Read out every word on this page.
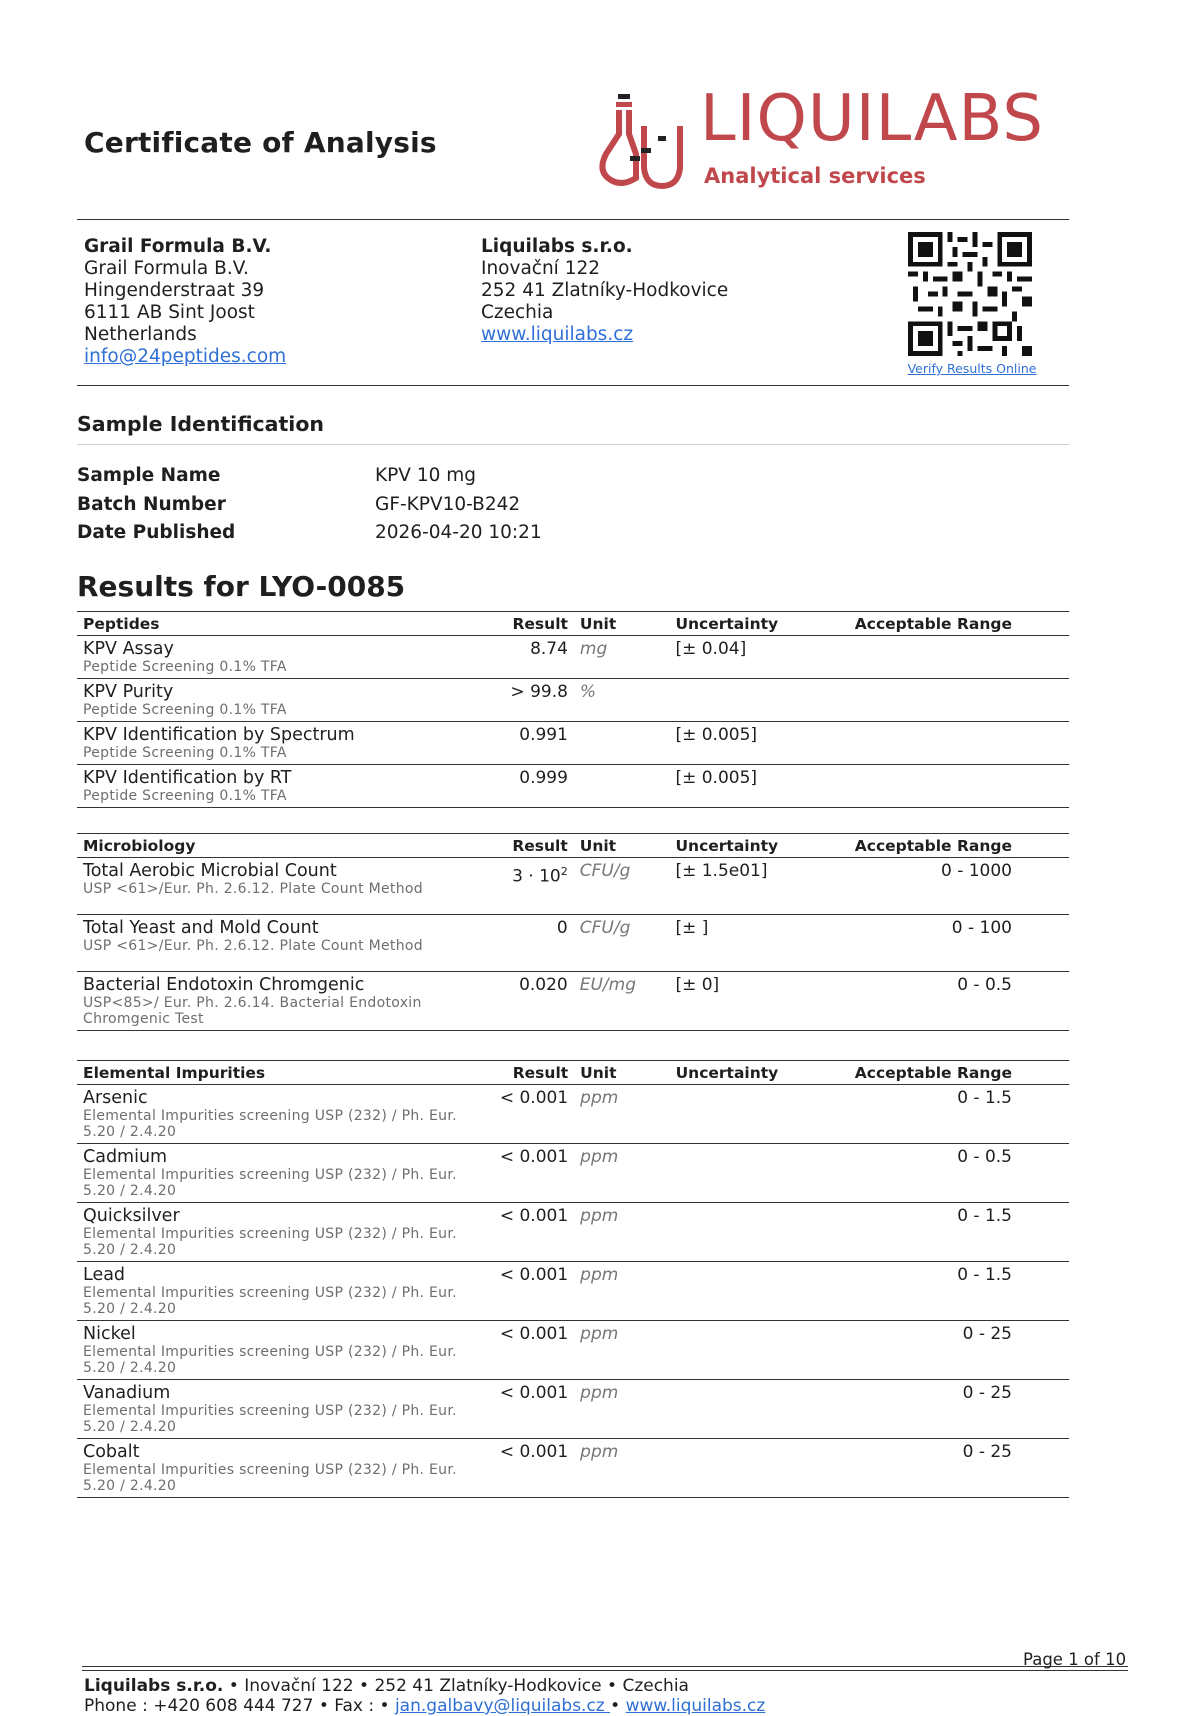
Certificate of Analysis	LIQUILABS
Analytical services
Grail Formula B.V.
Grail Formula B.V.
Hingenderstraat 39
6111 AB Sint Joost
Netherlands
info@24peptides.com
Liquilabs s.r.o.
Inovační 122
252 41 Zlatníky-Hodkovice
Czechia
www.liquilabs.cz
Verify Results Online
Sample Identification
Sample Name	KPV 10 mg
Batch Number	GF-KPV10-B242
Date Published	2026-04-20 10:21
Results for LYO-0085
Peptides	Result	Unit	Uncertainty	Acceptable Range

KPV Assay
Peptide Screening 0.1% TFA	8.74	mg	[± 0.04]	

KPV Purity
Peptide Screening 0.1% TFA	> 99.8	%		

KPV Identification by Spectrum
Peptide Screening 0.1% TFA	0.991		[± 0.005]	

KPV Identification by RT
Peptide Screening 0.1% TFA	0.999		[± 0.005]	
Microbiology	Result	Unit	Uncertainty	Acceptable Range

Total Aerobic Microbial Count
USP <61>/Eur. Ph. 2.6.12. Plate Count Method	$3 \cdot 10^2$	CFU/g	[± 1.5e01]	0 - 1000

Total Yeast and Mold Count
USP <61>/Eur. Ph. 2.6.12. Plate Count Method	0	CFU/g	[± ]	0 - 100

Bacterial Endotoxin Chromgenic
USP<85>/ Eur. Ph. 2.6.14. Bacterial Endotoxin Chromgenic Test	0.020	EU/mg	[± 0]	0 - 0.5
Elemental Impurities	Result	Unit	Uncertainty	Acceptable Range

Arsenic
Elemental Impurities screening USP (232) / Ph. Eur. 5.20 / 2.4.20	< 0.001	ppm		0 - 1.5

Cadmium
Elemental Impurities screening USP (232) / Ph. Eur. 5.20 / 2.4.20	< 0.001	ppm		0 - 0.5

Quicksilver
Elemental Impurities screening USP (232) / Ph. Eur. 5.20 / 2.4.20	< 0.001	ppm		0 - 1.5

Lead
Elemental Impurities screening USP (232) / Ph. Eur. 5.20 / 2.4.20	< 0.001	ppm		0 - 1.5

Nickel
Elemental Impurities screening USP (232) / Ph. Eur. 5.20 / 2.4.20	< 0.001	ppm		0 - 25

Vanadium
Elemental Impurities screening USP (232) / Ph. Eur. 5.20 / 2.4.20	< 0.001	ppm		0 - 25

Cobalt
Elemental Impurities screening USP (232) / Ph. Eur. 5.20 / 2.4.20	< 0.001	ppm		0 - 25
Page 1 of 10
Liquilabs s.r.o. • Inovační 122 • 252 41 Zlatníky-Hodkovice • Czechia
Phone : +420 608 444 727 • Fax : • jan.galbavy@liquilabs.cz • www.liquilabs.cz
